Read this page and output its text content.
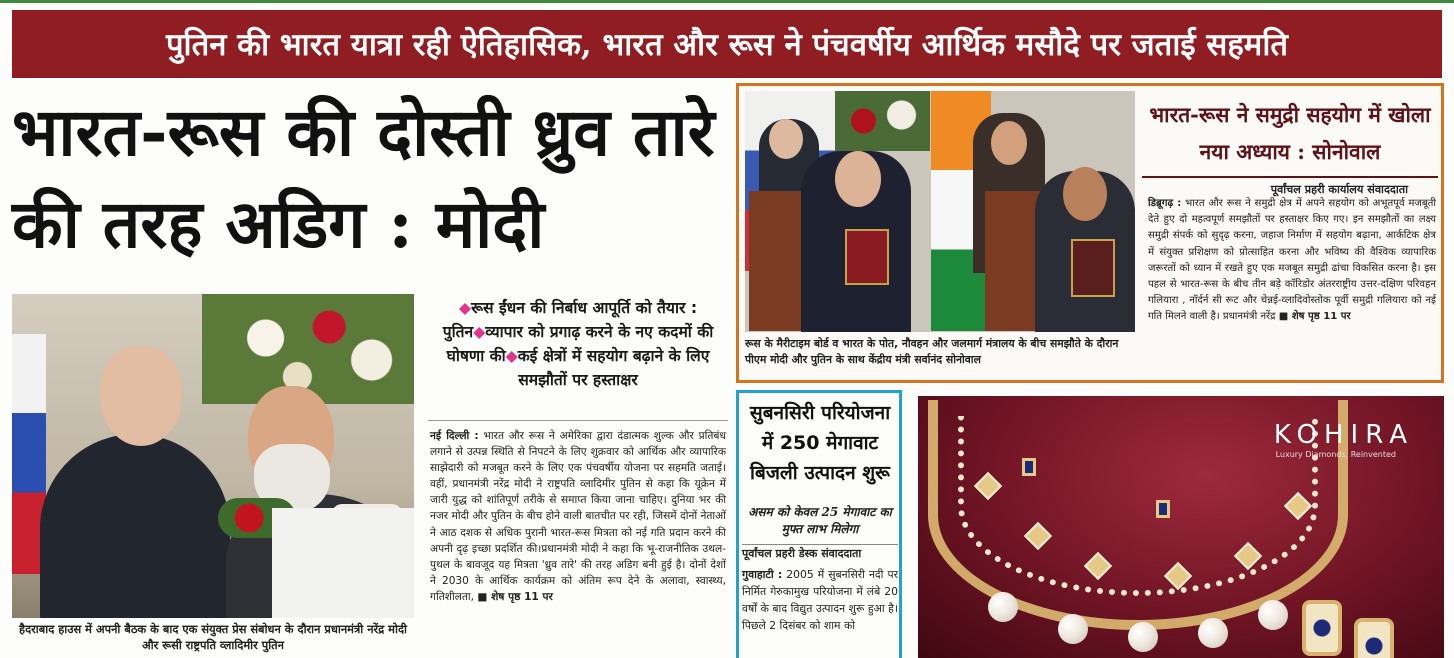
पुतिन की भारत यात्रा रही ऐतिहासिक, भारत और रूस ने पंचवर्षीय आर्थिक मसौदे पर जताई सहमति
भारत-रूस की दोस्ती ध्रुव तारे की तरह अडिग : मोदी

हैदराबाद हाउस में अपनी बैठक के बाद एक संयुक्त प्रेस संबोधन के दौरान प्रधानमंत्री नरेंद्र मोदी और रूसी राष्ट्रपति व्लादिमीर पुतिन

◆रूस ईंधन की निर्बाध आपूर्ति को तैयार : पुतिन◆व्यापार को प्रगाढ़ करने के नए कदमों की घोषणा की◆कई क्षेत्रों में सहयोग बढ़ाने के लिए समझौतों पर हस्ताक्षर

नई दिल्ली : भारत और रूस ने अमेरिका द्वारा दंडात्मक शुल्क और प्रतिबंध लगाने से उत्पन्न स्थिति से निपटने के लिए शुक्रवार को आर्थिक और व्यापारिक साझेदारी को मजबूत करने के लिए एक पंचवर्षीय योजना पर सहमति जताई। वहीं, प्रधानमंत्री नरेंद्र मोदी ने राष्ट्रपति व्लादिमीर पुतिन से कहा कि यूक्रेन में जारी युद्ध को शांतिपूर्ण तरीके से समाप्त किया जाना चाहिए। दुनिया भर की नजर मोदी और पुतिन के बीच होने वाली बातचीत पर रही, जिसमें दोनों नेताओं ने आठ दशक से अधिक पुरानी भारत-रूस मित्रता को नई गति प्रदान करने की अपनी दृढ़ इच्छा प्रदर्शित की।प्रधानमंत्री मोदी ने कहा कि भू-राजनीतिक उथल-पुथल के बावजूद यह मित्रता 'ध्रुव तारे' की तरह अडिग बनी हुई है। दोनों देशों ने 2030 के आर्थिक कार्यक्रम को अंतिम रूप देने के अलावा, स्वास्थ्य, गतिशीलता, ■ शेष पृष्ठ 11 पर

रूस के मैरीटाइम बोर्ड व भारत के पोत, नौवहन और जलमार्ग मंत्रालय के बीच समझौते के दौरान पीएम मोदी और पुतिन के साथ केंद्रीय मंत्री सर्वानंद सोनोवाल

भारत-रूस ने समुद्री सहयोग में खोला नया अध्याय : सोनोवाल

पूर्वांचल प्रहरी कार्यालय संवाददाता

डिब्रूगढ़ : भारत और रूस ने समुद्री क्षेत्र में अपने सहयोग को अभूतपूर्व मजबूती देते हुए दो महत्वपूर्ण समझौतों पर हस्ताक्षर किए गए। इन समझौतों का लक्ष्य समुद्री संपर्क को सुदृढ़ करना, जहाज निर्माण में सहयोग बढ़ाना, आर्कटिक क्षेत्र में संयुक्त प्रशिक्षण को प्रोत्साहित करना और भविष्य की वैश्विक व्यापारिक जरूरतों को ध्यान में रखते हुए एक मजबूत समुद्री ढांचा विकसित करना है। इस पहल से भारत-रूस के बीच तीन बड़े कॉरिडोर अंतरराष्ट्रीय उत्तर-दक्षिण परिवहन गलियारा , नॉर्दर्न सी रूट और चेन्नई-व्लादिवोस्तोक पूर्वी समुद्री गलियारा को नई गति मिलने वाली है। प्रधानमंत्री नरेंद्र ■ शेष पृष्ठ 11 पर

सुबनसिरी परियोजना में 250 मेगावाट बिजली उत्पादन शुरू

असम को केवल 25 मेगावाट का मुफ्त लाभ मिलेगा

पूर्वांचल प्रहरी डेस्क संवाददाता

गुवाहाटी : 2005 में सुबनसिरी नदी पर निर्मित गेरुकामुख परियोजना में लंबे 20 वर्षों के बाद विद्युत उत्पादन शुरू हुआ है। पिछले 2 दिसंबर को शाम को

KOHIRA
Luxury Diamonds, Reinvented
